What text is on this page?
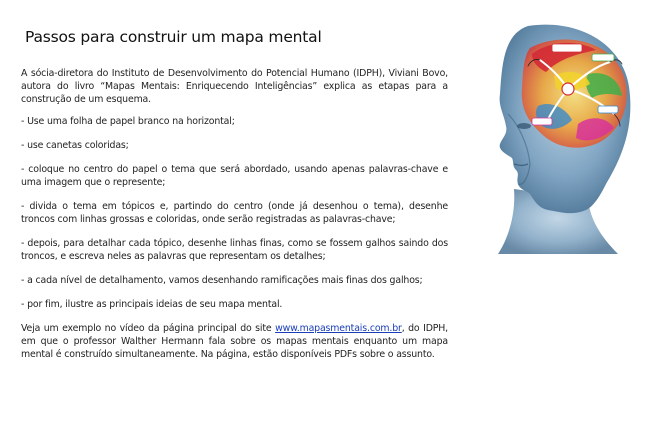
Passos para construir um mapa mental

A sócia-diretora do Instituto de Desenvolvimento do Potencial Humano (IDPH), Viviani Bovo, autora do livro “Mapas Mentais: Enriquecendo Inteligências” explica as etapas para a construção de um esquema.

- Use uma folha de papel branco na horizontal;

- use canetas coloridas;

- coloque no centro do papel o tema que será abordado, usando apenas palavras-chave e uma imagem que o represente;

- divida o tema em tópicos e, partindo do centro (onde já desenhou o tema), desenhe troncos com linhas grossas e coloridas, onde serão registradas as palavras-chave;

- depois, para detalhar cada tópico, desenhe linhas finas, como se fossem galhos saindo dos troncos, e escreva neles as palavras que representam os detalhes;

- a cada nível de detalhamento, vamos desenhando ramificações mais finas dos galhos;

- por fim, ilustre as principais ideias de seu mapa mental.

Veja um exemplo no vídeo da página principal do site www.mapasmentais.com.br, do IDPH, em que o professor Walther Hermann fala sobre os mapas mentais enquanto um mapa mental é construído simultaneamente. Na página, estão disponíveis PDFs sobre o assunto.
